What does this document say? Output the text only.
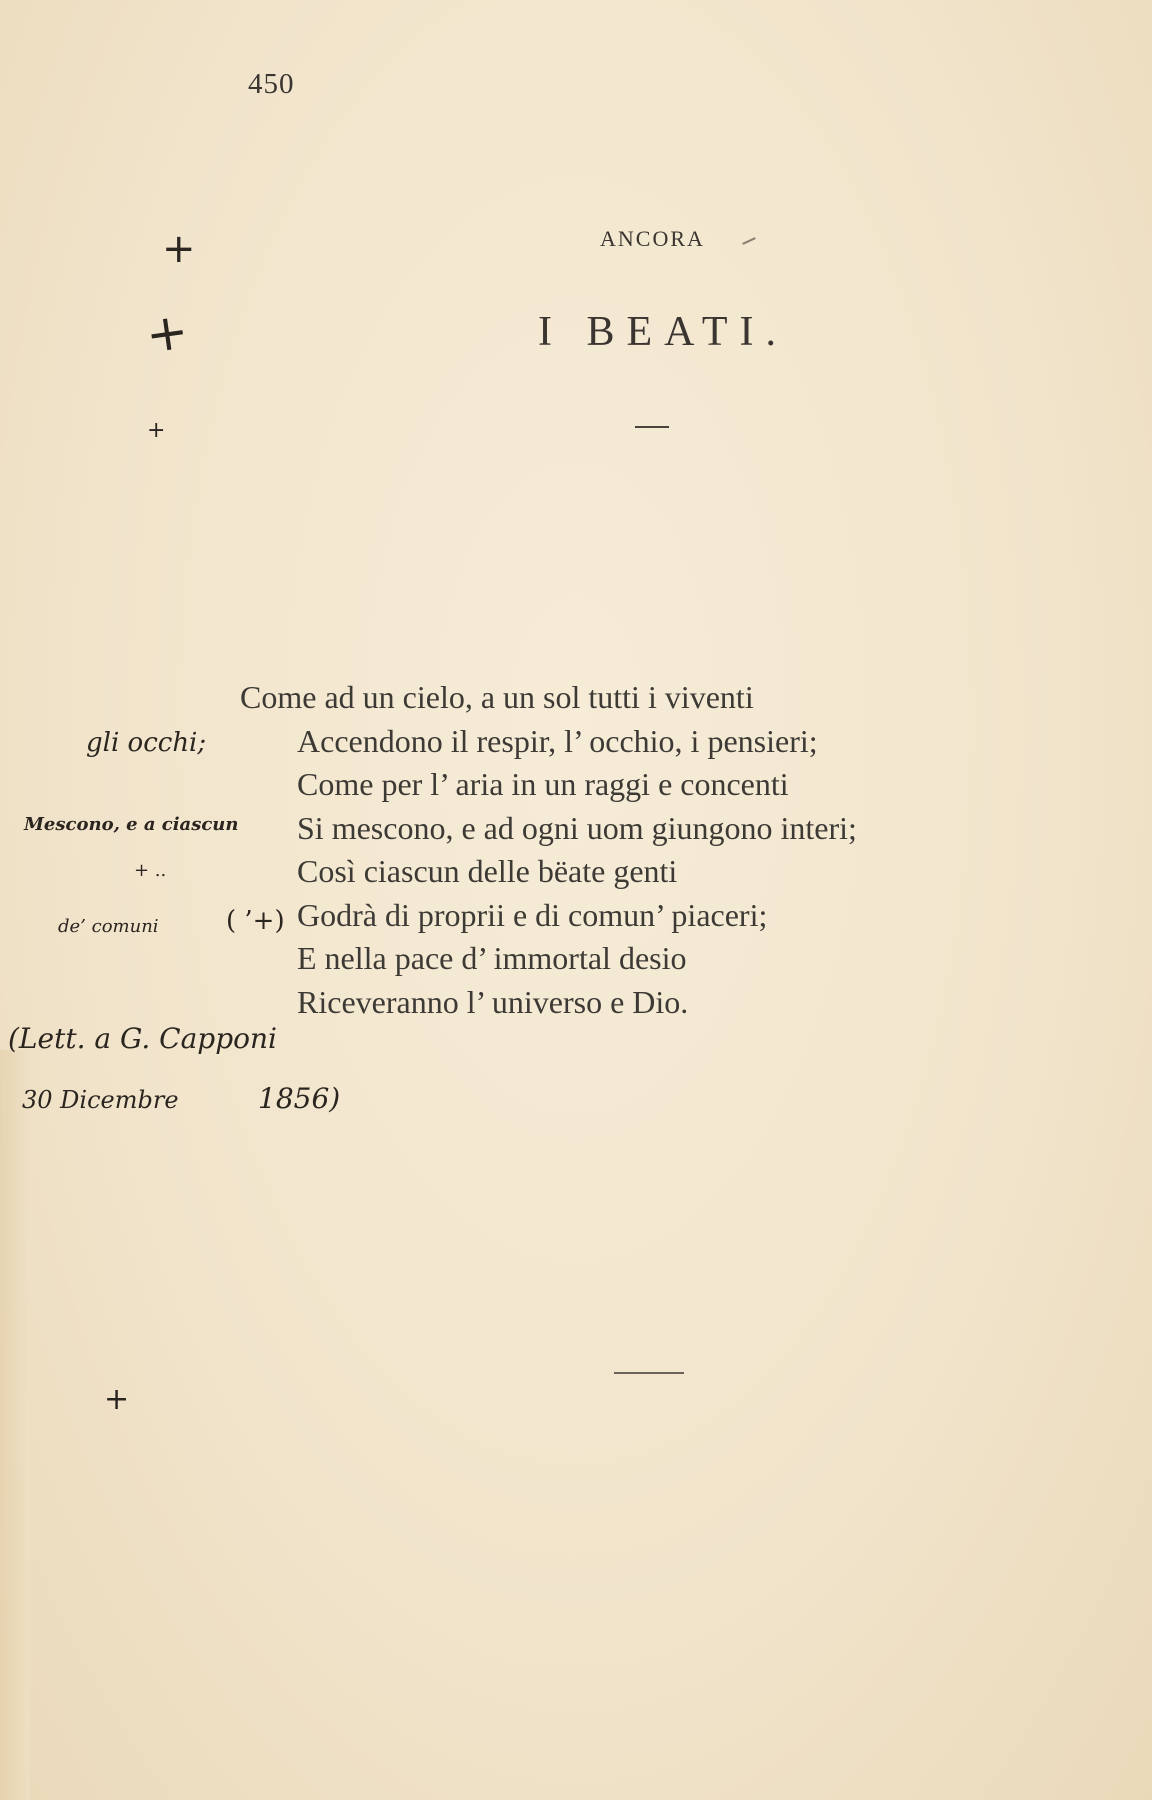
450
ANCORA
I BEATI.
+
+
+
+
Come ad un cielo, a un sol tutti i viventi
Accendono il respir, l’ occhio, i pensieri;
Come per l’ aria in un raggi e concenti
Si mescono, e ad ogni uom giungono interi;
Così ciascun delle bëate genti
Godrà di proprii e di comun’ piaceri;
E nella pace d’ immortal desio
Riceveranno l’ universo e Dio.
gli occhi;
Mescono, e a ciascun
+ ..
de’ comuni	( ’+)
(Lett. a G. Capponi
30 Dicembre	1856)
